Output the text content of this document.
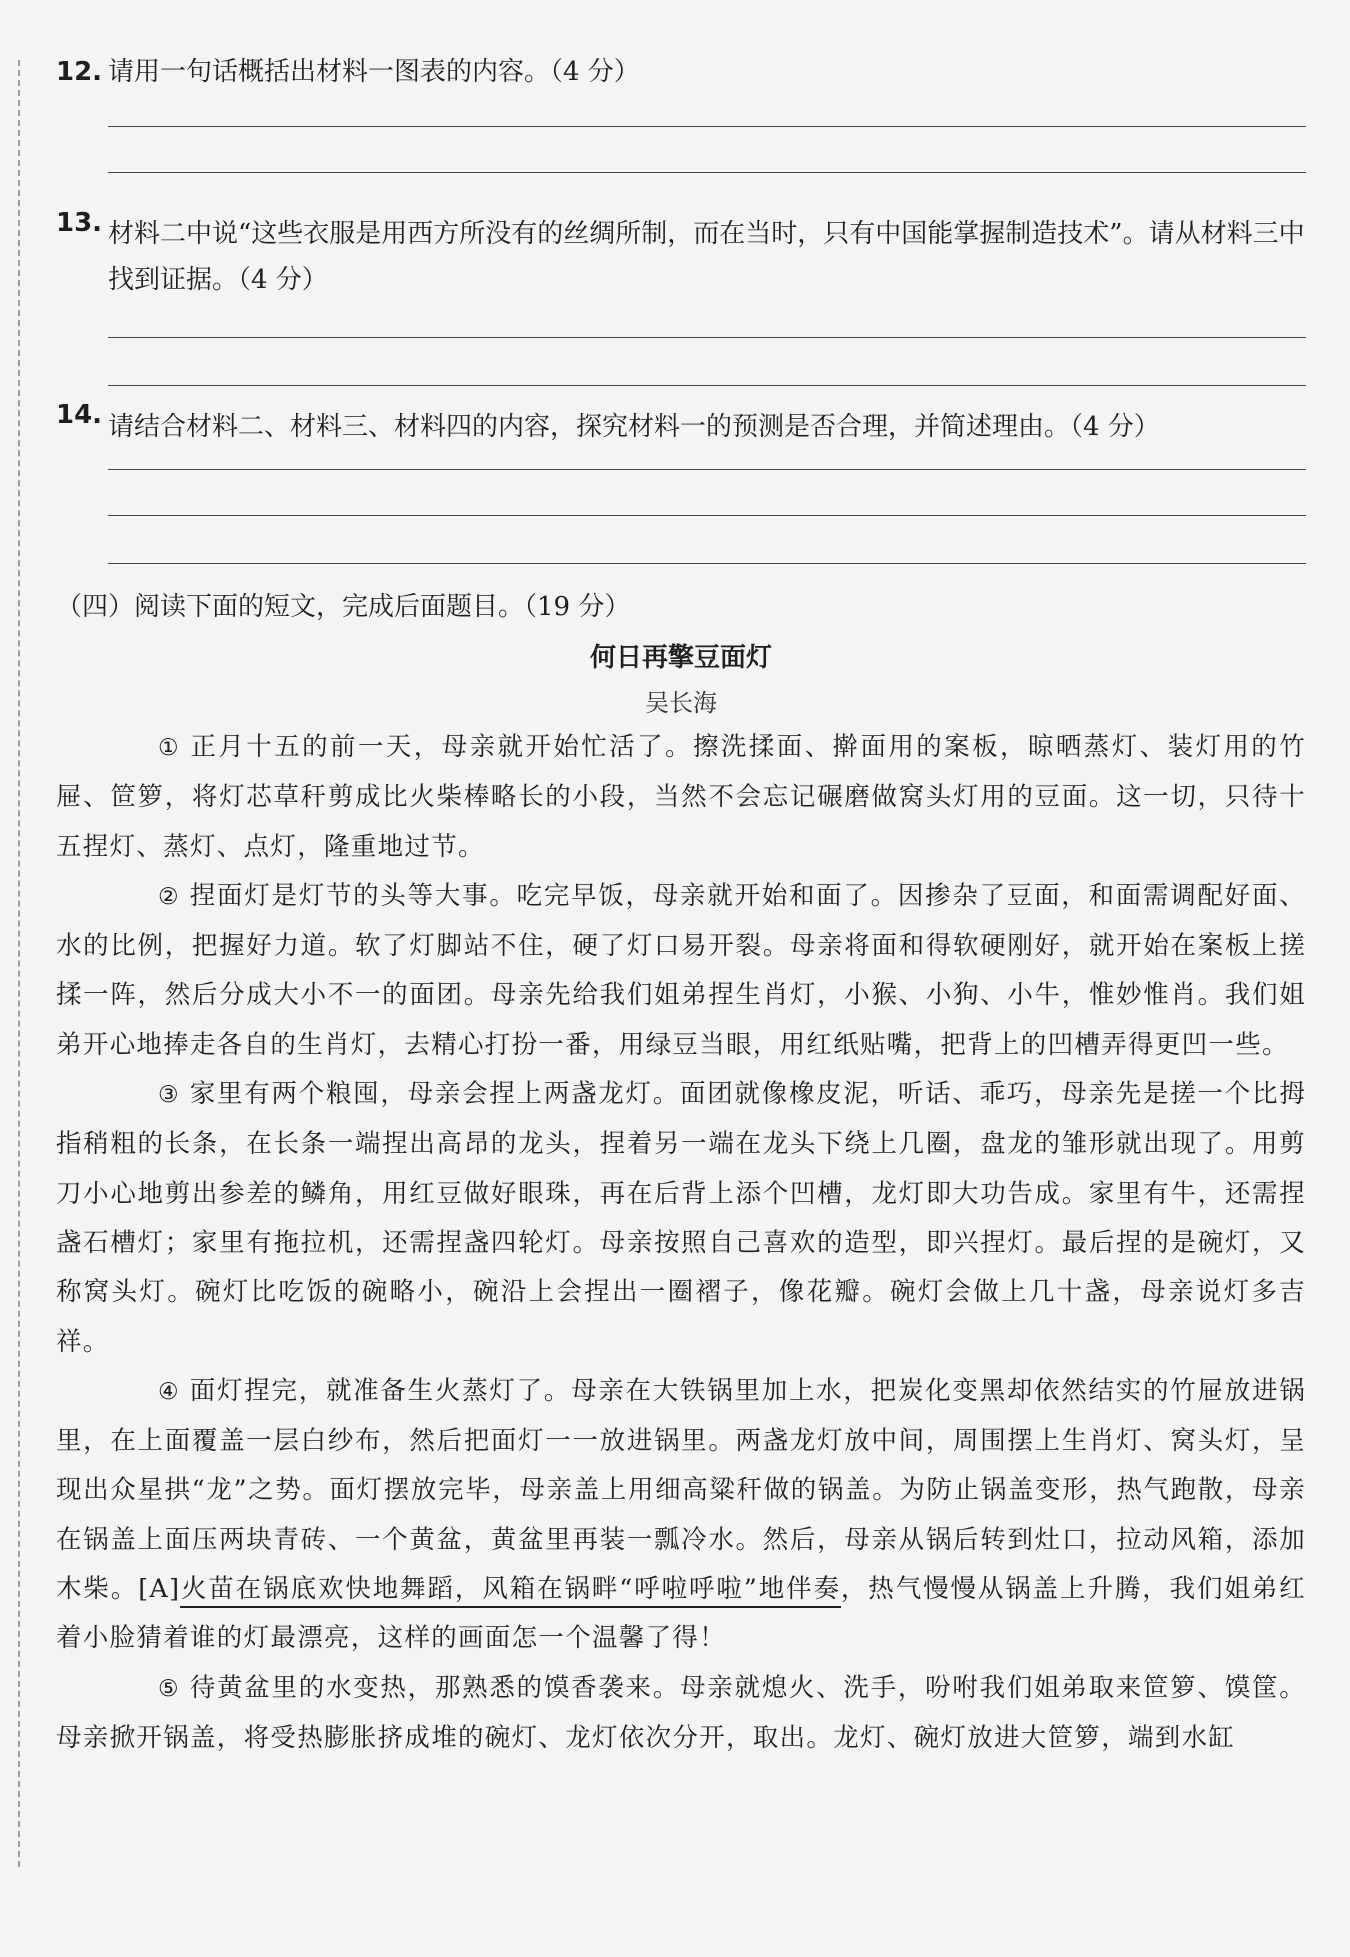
12. 请用一句话概括出材料一图表的内容。（4 分）
13. 材料二中说“这些衣服是用西方所没有的丝绸所制，而在当时，只有中国能掌握制造技术”。请从材料三中找到证据。（4 分）
14. 请结合材料二、材料三、材料四的内容，探究材料一的预测是否合理，并简述理由。（4 分）
（四）阅读下面的短文，完成后面题目。（19 分）
何日再擎豆面灯
吴长海
① 正月十五的前一天，母亲就开始忙活了。擦洗揉面、擀面用的案板，晾晒蒸灯、装灯用的竹屉、笸箩，将灯芯草秆剪成比火柴棒略长的小段，当然不会忘记碾磨做窝头灯用的豆面。这一切，只待十五捏灯、蒸灯、点灯，隆重地过节。
② 捏面灯是灯节的头等大事。吃完早饭，母亲就开始和面了。因掺杂了豆面，和面需调配好面、水的比例，把握好力道。软了灯脚站不住，硬了灯口易开裂。母亲将面和得软硬刚好，就开始在案板上搓揉一阵，然后分成大小不一的面团。母亲先给我们姐弟捏生肖灯，小猴、小狗、小牛，惟妙惟肖。我们姐弟开心地捧走各自的生肖灯，去精心打扮一番，用绿豆当眼，用红纸贴嘴，把背上的凹槽弄得更凹一些。
③ 家里有两个粮囤，母亲会捏上两盏龙灯。面团就像橡皮泥，听话、乖巧，母亲先是搓一个比拇指稍粗的长条，在长条一端捏出高昂的龙头，捏着另一端在龙头下绕上几圈，盘龙的雏形就出现了。用剪刀小心地剪出参差的鳞角，用红豆做好眼珠，再在后背上添个凹槽，龙灯即大功告成。家里有牛，还需捏盏石槽灯；家里有拖拉机，还需捏盏四轮灯。母亲按照自己喜欢的造型，即兴捏灯。最后捏的是碗灯，又称窝头灯。碗灯比吃饭的碗略小，碗沿上会捏出一圈褶子，像花瓣。碗灯会做上几十盏，母亲说灯多吉祥。
④ 面灯捏完，就准备生火蒸灯了。母亲在大铁锅里加上水，把炭化变黑却依然结实的竹屉放进锅里，在上面覆盖一层白纱布，然后把面灯一一放进锅里。两盏龙灯放中间，周围摆上生肖灯、窝头灯，呈现出众星拱“龙”之势。面灯摆放完毕，母亲盖上用细高粱秆做的锅盖。为防止锅盖变形，热气跑散，母亲在锅盖上面压两块青砖、一个黄盆，黄盆里再装一瓢冷水。然后，母亲从锅后转到灶口，拉动风箱，添加木柴。[A]火苗在锅底欢快地舞蹈，风箱在锅畔“呼啦呼啦”地伴奏，热气慢慢从锅盖上升腾，我们姐弟红着小脸猜着谁的灯最漂亮，这样的画面怎一个温馨了得！
⑤ 待黄盆里的水变热，那熟悉的馍香袭来。母亲就熄火、洗手，吩咐我们姐弟取来笸箩、馍筐。母亲掀开锅盖，将受热膨胀挤成堆的碗灯、龙灯依次分开，取出。龙灯、碗灯放进大笸箩，端到水缸
